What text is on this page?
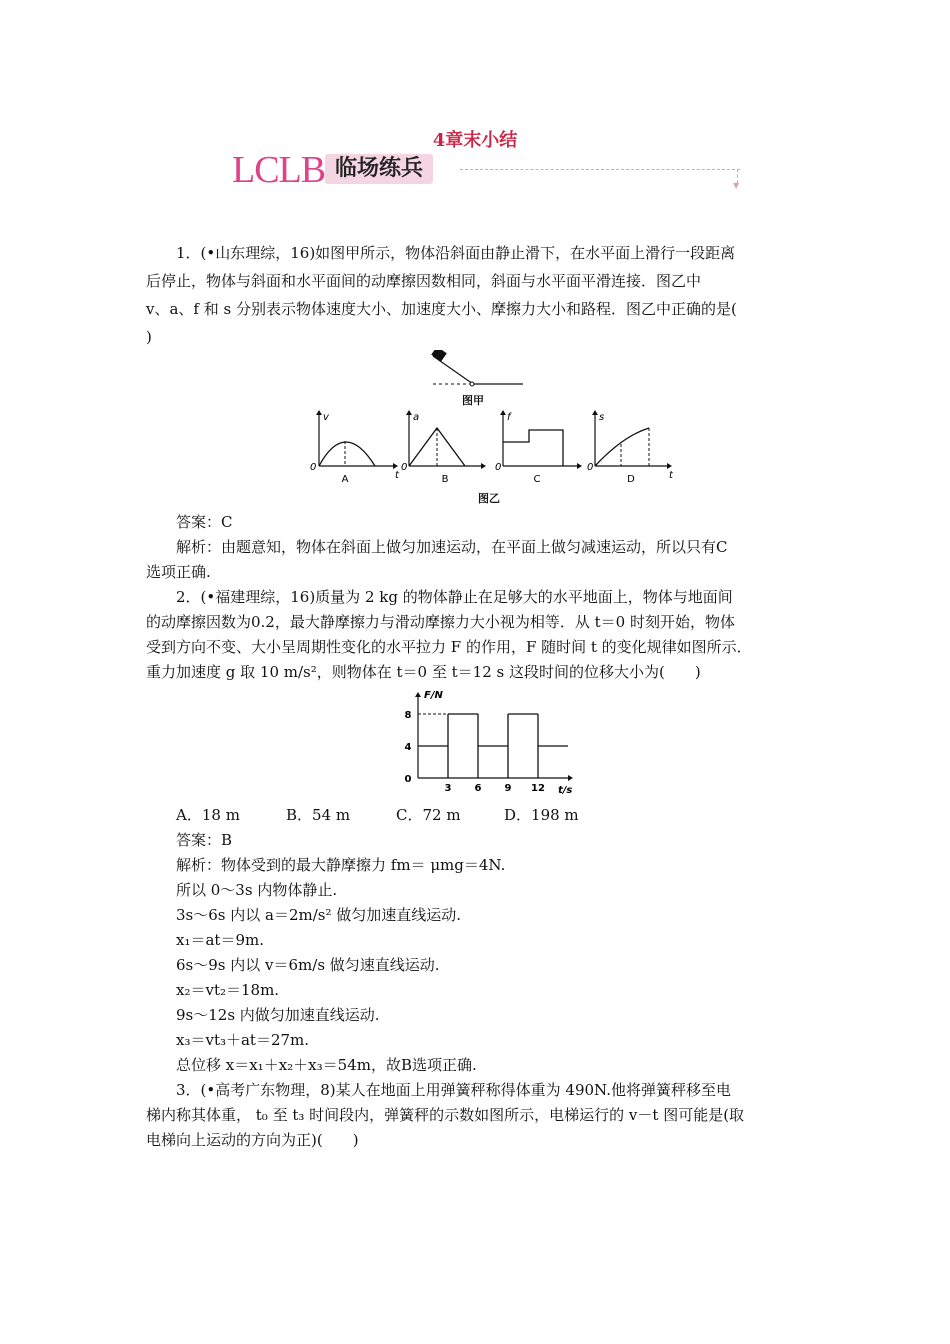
4章末小结
LCLB 临场练兵
▼
1．(•山东理综，16)如图甲所示，物体沿斜面由静止滑下，在水平面上滑行一段距离
后停止，物体与斜面和水平面间的动摩擦因数相同，斜面与水平面平滑连接．图乙中
v、a、f 和 s 分别表示物体速度大小、加速度大小、摩擦力大小和路程．图乙中正确的是(
)
图甲
v
t
0
A
a
0
B
f
0
C
s
t
0
D
图乙
答案：C
解析：由题意知，物体在斜面上做匀加速运动，在平面上做匀减速运动，所以只有C
选项正确.
2．(•福建理综，16)质量为 2 kg 的物体静止在足够大的水平地面上，物体与地面间
的动摩擦因数为0.2，最大静摩擦力与滑动摩擦力大小视为相等．从 t＝0 时刻开始，物体
受到方向不变、大小呈周期性变化的水平拉力 F 的作用，F 随时间 t 的变化规律如图所示．
重力加速度 g 取 10 m/s²，则物体在 t＝0 至 t＝12 s 这段时间的位移大小为(　　)
F/N
t/s
0
4
8
3 6 9 12
A．18 m	B．54 m	C．72 m	D．198 m
答案：B
解析：物体受到的最大静摩擦力 fm＝ μmg＝4N.
所以 0～3s 内物体静止.
3s～6s 内以 a＝2m/s² 做匀加速直线运动.
x₁＝at＝9m.
6s～9s 内以 v＝6m/s 做匀速直线运动.
x₂＝vt₂＝18m.
9s～12s 内做匀加速直线运动.
x₃＝vt₃＋at＝27m.
总位移 x＝x₁＋x₂＋x₃＝54m，故B选项正确.
3．(•高考广东物理，8)某人在地面上用弹簧秤称得体重为 490N.他将弹簧秤移至电
梯内称其体重， t₀ 至 t₃ 时间段内，弹簧秤的示数如图所示，电梯运行的 v－t 图可能是(取
电梯向上运动的方向为正)(　　)
